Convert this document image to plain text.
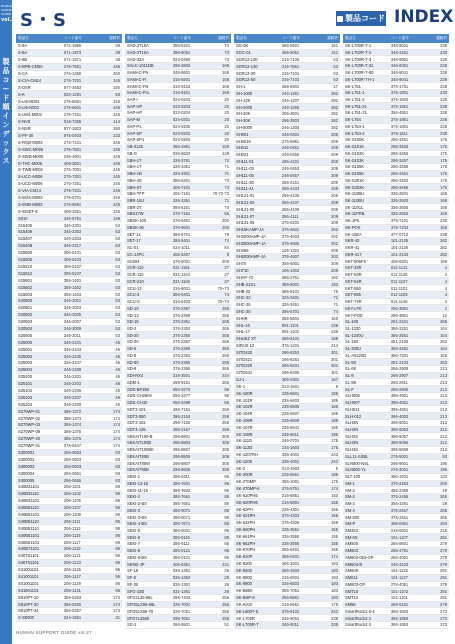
HUMAN
SUPPORT
GUIDE
vol.27
製
品
コ
ー
ド
順
イ
ン
デ
ッ
ク
ス
S・S	製品コード INDEX
製品名	コード番号	掲載頁
S-8A	071-1966	38
S-8A	071-1973	38
S-8B	071-1971	38
S-BPB-CM50	276-7551	245
S-CA	276-1256	260
S-CIA-CM14	276-7201	245
S-DSR	977-4653	190
S-K	022-1281	50
S-LI5-M003	276-6651	245
S-LI5-N003	276-6601	245
S-LW4-M003	276-7151	245
S-NV8	018-7255	114
S-NSR	977-2603	190
S-PF-30	976-0403	233
S-RGB-M003	276-7101	245
S-SWC-M005	276-7501	245
S-SWD-M005	236-4901	245
S-THC-M006	406-3601	245
S-TWB-M002	276-7001	245
S-UCC-M006	276-7301	245
S-UCD-M006	276-7251	245
S-VIA-CM14	276-7201	245
S-W2S-M003	276-6701	245
S-W3B-M003	276-6551	245
S-WSET-S	406-3351	245
S010	346-9751	149
S15405	346-2301	53
S15406	346-2353	53
S15407	346-2303	53
S15408	346-2317	53
S15500	306-6101	53
S15505	306-6103	53
S15510	306-6107	53
S15512	306-6107	53
S15601	356-1401	53
S15602	356-1402	53
S15603	356-1403	53
S20500	346-2001	53
S20501	346-2003	53
S20502	346-2005	53
S20503	346-2007	53
S20504	346-2009	53
S20505	346-2011	53
S25000	346-2101	46
S25001	346-2103	46
S25002	346-2105	46
S25003	346-2107	46
S25004	346-2109	46
S25100	346-2201	46
S25101	346-2203	46
S25102	346-2205	46
S25103	346-2207	46
S25104	346-2209	46
S270WP-01	386-1372	174
S270WP-02	386-1373	174
S270WP-03	386-1374	174
S270WP-09	386-1375	174
S270WP-20	386-1376	174
S270WP-21	378-8447	174
S300001	256-0653	83
S300002	256-0603	83
S300003	256-0603	83
S300004	256-0651	83
S300005	256-0655	83
S40B31101	206-1101	95
S40B31110	206-1102	95
S40B31101	206-1105	95
S40B51110	206-1107	95
S40B61101	206-1109	95
S40B51110	206-1111	95
S40B51110	206-1113	95
S40B51101	206-1115	95
S40B61101	206-1117	95
S40B71101	206-1119	95
S40T61101	206-1121	95
S40T61101	206-1123	95
S41001101	206-1125	95
S41001101	206-1127	95
S41001101	206-1129	95
S41501101	206-1131	95
S810PT-10	356-0253	174
S810PT-20	356-0255	174
S810PT-34	356-0257	174
S-S8000	024-1551	31
製品名	コード番号	掲載頁
SAD-3T15A	386-5201	74
SAD-3T15A	386-6051	73
SAD-32A	023-0450	73
SALC-1011DB	386-2803	168
SAMAC-FN	346-8601	168
SAMAC-FI	316-9201	168
SAMAC-FN	316-9153	168
SAMAC-Pro	316-9151	168
SAP-I	024-0203	20
SAP-HP	023-0203	20
SAP-HP	023-0204	20
SAP-M	024-0201	20
SAP-P1	024-0205	20
SAP-SP	023-0202	20
SAP-SP1	023-0202	20
SB-3125	386-1951	100
SB-G	026-6603	128
SBH-1T	326-3781	72
SBH-1T	326-3351	71
SBH-1B	326-3301	71
SBH-4S	386-6301	73
SBH-5T	406-7101	73
SBH-TFP	406-7151	70-72-73
SBR-1BJ	326-3351	71
SBR-2T	386-6151	74
SBS17W	376-7151	56
SBSK-100	376-9451	200
SBSK-36	376-9601	200
SET-14	386-6701	79
SET-17	386-5401	74
SC-01	024-1011	84
SC-14PC	406-3307	8
SC004	376-6001	200
SCR-110	031-1151	27
SCR-110	031-1153	27
SCR-210	031-1155	27
SCU-13	316-6001	70~73
SCU-3	386-6401	74
SCU-S	316-6403	70~73
SD-10	376-2367	265
SD-12	376-2369	265
SD-15	376-2351	265
SD-2	376-2353	265
SD-20	376-2355	265
SD-30	376-2357	265
SD-6	376-2359	265
SD-8	376-2363	265
SD-80	376-2355	265
SD-8	376-2365	265
SDI-RX4	316-3501	244
SDM-1	266-9151	256
SDS-BP250	056-3270	96
SDS-CH250V	056-3377	96
SDS-CH40	056-3389	96
SDT3-101	296-7151	258
SDT3-050	386-2153	258
SDT3-102	296-7155	258
SDT4-135	386-2157	258
SEKAIT100-B	296-8801	305
SEKAIT100B	296-8803	305
SEKAIT100BK	296-8807	305
SEKAIT80B	296-8805	305
SEKAIT80W	296-8807	305
SEKAIT95B	296-8805	305
SEKI-1	386-0311	96
SEKI-13-15	386-7601	96
SEKI-11-15	386-7603	96
SEKI-2	386-7661	85
SEKI-2-BS	386-7661	85
SEKI-3	386-0071	85
SEKI-3-BS	386-0071	85
SEKI-4-BS	386-7671	85
SEKI-5	386-0001	85
SEKI-6	386-0101	85
SEKI-7	386-0111	85
SEKI-8	386-0121	85
SEKI-8-BS	386-0131	85
SEND-JP	406-6351	231
SF-15	026-1351	26
SF-8	026-1353	26
SF-30	026-1301	26
SFG-33B	031-1361	26
SFG2L25-58L	296-7403	256
SFG5LX65-58L	326-7001	256
SFG5LX65-70	326-7051	256
SFG7L2550	296-7651	256
SG-1	366-5501	51
製品名	コード番号	掲載頁
SG-0K	366-5501	151
SGC-01	366-5051	151
SGR12-100	216-7105	63
SGR12-130	216-7551	63
SGR12-30	216-7101	63
SGR12-50	216-7103	63
SH-1	366-6901	17
SH-1000	246-1251	282
SH-12K	246-1207	282
SH-2000	246-1255	282
SH-20K	296-3601	282
SH-30K	296-3603	282
SH-5000	246-1205	282
SH001	246-0401	209
SH0015	376-6951	209
SH011	246-0451	209
SH021	246-0455	209
SH111-01	256-4101	209
SH111-03	246-0453	209
SH111-05	246-0457	209
SH111-30	256-4151	209
SH111-41	256-4103	209
SH121-01	256-4105	209
SH121-03	256-4107	209
SH121-05	256-4109	209
SH121-07	256-4111	209
SH131-05	376-6201	209
SH15KAMP-JA	376-4601	202
SH3000AMP-JA	376-4603	202
SH3000AMP-JA	376-4605	202
SH456	106-1301	209
SH6000AMP-JA	376-4607	202
SH70	356-6001	209
SH710	106-1303	209
SHAP-72	386-2751	182
SHB-21S1	386-8001	193
SHB-22	386-8101	76
SHC-23	326-3401	71
SHC-25	326-3451	71
SHC-30	386-5701	74
SHHR	356-5601	169
SHL-10	091-1101	238
SHL-17	091-1102	238
SHUEZ XT	356-5101	169
SIRUS 12	376-1201	214
SITD420	296-8253	301
SITD421	296-8251	301
SITD420	296-8201	301
SITD641	296-8205	301
SJ-1	306-0301	167
SK-1	013-1501	5
SK-100R	236-6601	185
SK-101R	236-6603	185
SK-102R	236-6605	185
SK-104R	236-6607	185
SK-106R	236-6609	185
SK-107R	236-6641	185
SK-108R	236-6611	185
SK-111D	246-0701	175
SK-112D	216-1603	175
SK-1207RH	336-4001	243
SK-1208	336-4001	243
SK-2	013-1503	5
SK-200R	236-6661	185
SK-270MP	356-1001	176
SK-270MP-K	376-5751	174
SK-610PHE	216-5851	163
SK-620PHE	216-5801	155
SK-62PH	236-4301	155
SK-631PH	376-4303	155
SK-632PH	376-4305	155
SK-660PH	236-3551	155
SK-661PH	236-3555	155
SK-662PH	236-3555	155
SK-670PH	356-6401	155
SK-810P	356-0201	174
SK-8300	366-1501	183
SK-8400	366-1503	183
SK-8800	216-6501	183
SK-8900	216-6503	183
SK-B850	356-7051	183
SK-BSP-8	356-6551	183
SK-K010	216-5651	175
SK-L600T-S	376-8101	242
SK-L700R	346-9001	238
SK-L700R-T	346-9011	238
製品名	コード番号	掲載頁
SK-L700R-T-1	346-9021	238
SK-L700R-T-2	346-2451	238
SK-L700R-T-3	346-9051	238
SK-L700R-T-31	346-6051	238
SK-L700R-T-80	346-9041	238
SK-L700R-TH-1	346-9041	238
SK-L751	376-1751	238
SK-L751-1	376-1801	238
SK-L751-2	376-1803	238
SK-L751-21	376-1851	238
SK-L751-31	356-4551	238
SK-L754	376-1851	238
SK-L754-1	376-1801	238
SK-L754-2	376-1811	238
SK-S100K	286-3451	175
SK-S101K	286-3453	175
SK-S102K	286-3455	175
SK-S103K	286-3457	175
SK-S105K	286-3459	175
SK-S106K	286-3461	175
SK-S301K	286-3463	175
SK-S302K	286-3465	175
SK-110BU	336-2501	168
SK-110BU	336-2503	168
SK-110CL	336-2505	168
SK-11PRB	336-2553	168
SK-1PK	376-7101	238
SK-POX	376-7203	168
SK-10EA	377-0713	238
SKR-40	101-2125	282
SKR-41	101-2126	282
SKR-417	101-2133	282
SKT-005FS	406-8301	169
SKT-33R	011-1141	4
SKT-53R	011-1125	4
SKT-54R	011-1127	4
SKT-550	011-1101	4
SKT-555	011-1109	4
SKT-74R	011-1145	4
SKY-LFE	296-3851	2
SKY-POE	296-3801	12
SL-100	261-2101	265
SL-1330	366-2251	164
SL-1340U	366-2551	164
SL-150	261-2105	263
SL-200U	366-2451	164
SL-A6220D	356-7301	165
SL-50	261-2103	263
SL-6K	266-2909	213
SL-8	266-2907	213
SL-8K	266-2911	213
SL-F	266-2905	213
SLH005	396-4901	213
SLH007	396-4951	213
SLH011	396-4951	213
SLH-012	396-4003	213
SLH2N	396-5051	212
SLH2N	396-5053	212
SLH2S	396-5057	212
SLH3N	396-5055	212
SLH3S	396-5059	212
SLL11-SSBL	276-5001	93
SLN800-NSL	266-9601	196
SLN800-YL	276-3001	196
SLT-100	386-1501	133
SM-1	376-2453	260
SM-2	356-2359	28
SM-2	376-2455	265
SM-3	356-3391	28
SM-4	376-2457	265
SM-500	376-2451	265
SM-P	306-0951	293
SM353	216-5601	216
SM-6S	101-1107	291
SM500	266-8801	279
SM603	266-4791	279
SM603-053-GP	266-4001	279
SM603-B	246-3103	279
SM609	101-1125	291
SM611	101-1127	291
SM603-GP	276-4051	279
SMT10	101-1103	291
SMT12	101-1101	291
SM56	266-5151	279
SmartRock2 5-4	366-1803	273
SmartRock2 3	366-1859	273
SmartRock2 3	366-1853	273
HUMAN SUPPORT GUIDE vol.27
